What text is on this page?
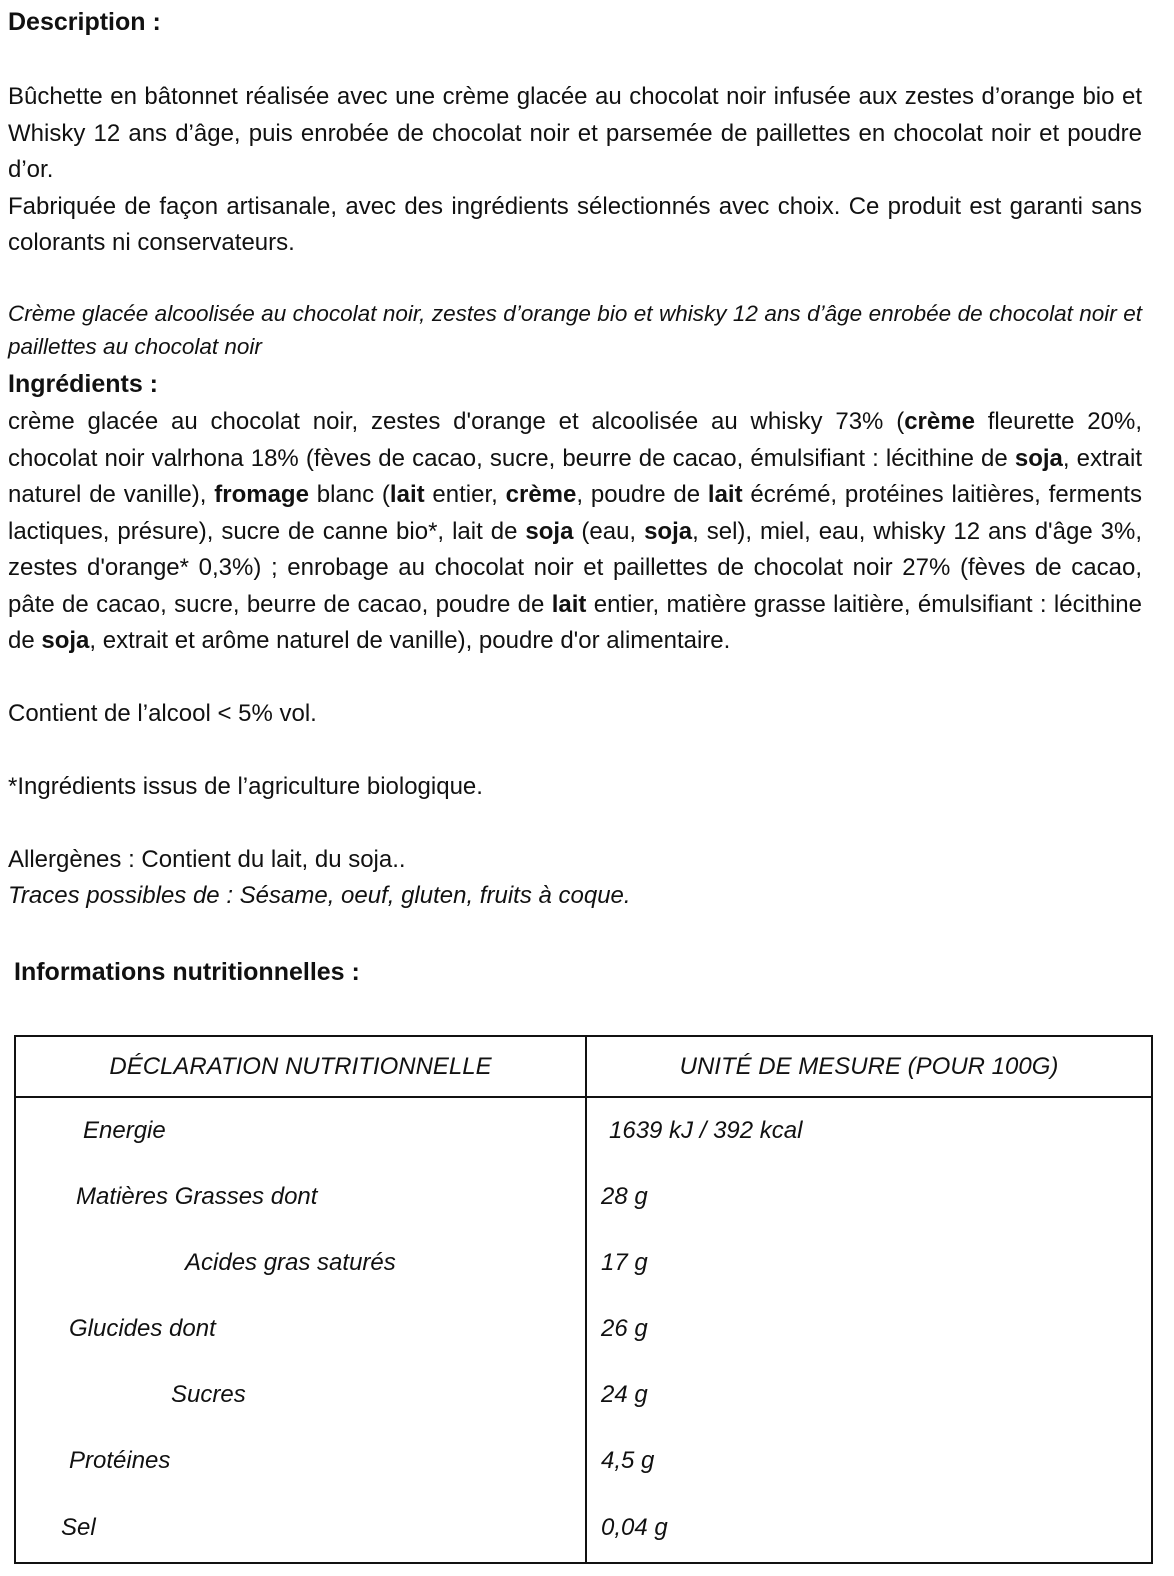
Description :

Bûchette en bâtonnet réalisée avec une crème glacée au chocolat noir infusée aux zestes d’orange bio et Whisky 12 ans d’âge, puis enrobée de chocolat noir et parsemée de paillettes en chocolat noir et poudre d’or.

Fabriquée de façon artisanale, avec des ingrédients sélectionnés avec choix. Ce produit est garanti sans colorants ni conservateurs.

Crème glacée alcoolisée au chocolat noir, zestes d’orange bio et whisky 12 ans d’âge enrobée de chocolat noir et paillettes au chocolat noir

Ingrédients :

crème glacée au chocolat noir, zestes d'orange et alcoolisée au whisky 73% (crème fleurette 20%, chocolat noir valrhona 18% (fèves de cacao, sucre, beurre de cacao, émulsifiant : lécithine de soja, extrait naturel de vanille), fromage blanc (lait entier, crème, poudre de lait écrémé, protéines laitières, ferments lactiques, présure), sucre de canne bio*, lait de soja (eau, soja, sel), miel, eau, whisky 12 ans d'âge 3%, zestes d'orange* 0,3%) ; enrobage au chocolat noir et paillettes de chocolat noir 27% (fèves de cacao, pâte de cacao, sucre, beurre de cacao, poudre de lait entier, matière grasse laitière, émulsifiant : lécithine de soja, extrait et arôme naturel de vanille), poudre d'or alimentaire.

Contient de l’alcool < 5% vol.

*Ingrédients issus de l’agriculture biologique.

Allergènes : Contient du lait, du soja..

Traces possibles de : Sésame, oeuf, gluten, fruits à coque.

Informations nutritionnelles :
DÉCLARATION NUTRITIONNELLE	UNITÉ DE MESURE (POUR 100G)
Energie	1639 kJ / 392 kcal
Matières Grasses dont	28 g
Acides gras saturés	17 g
Glucides dont	26 g
Sucres	24 g
Protéines	4,5 g
Sel	0,04 g
